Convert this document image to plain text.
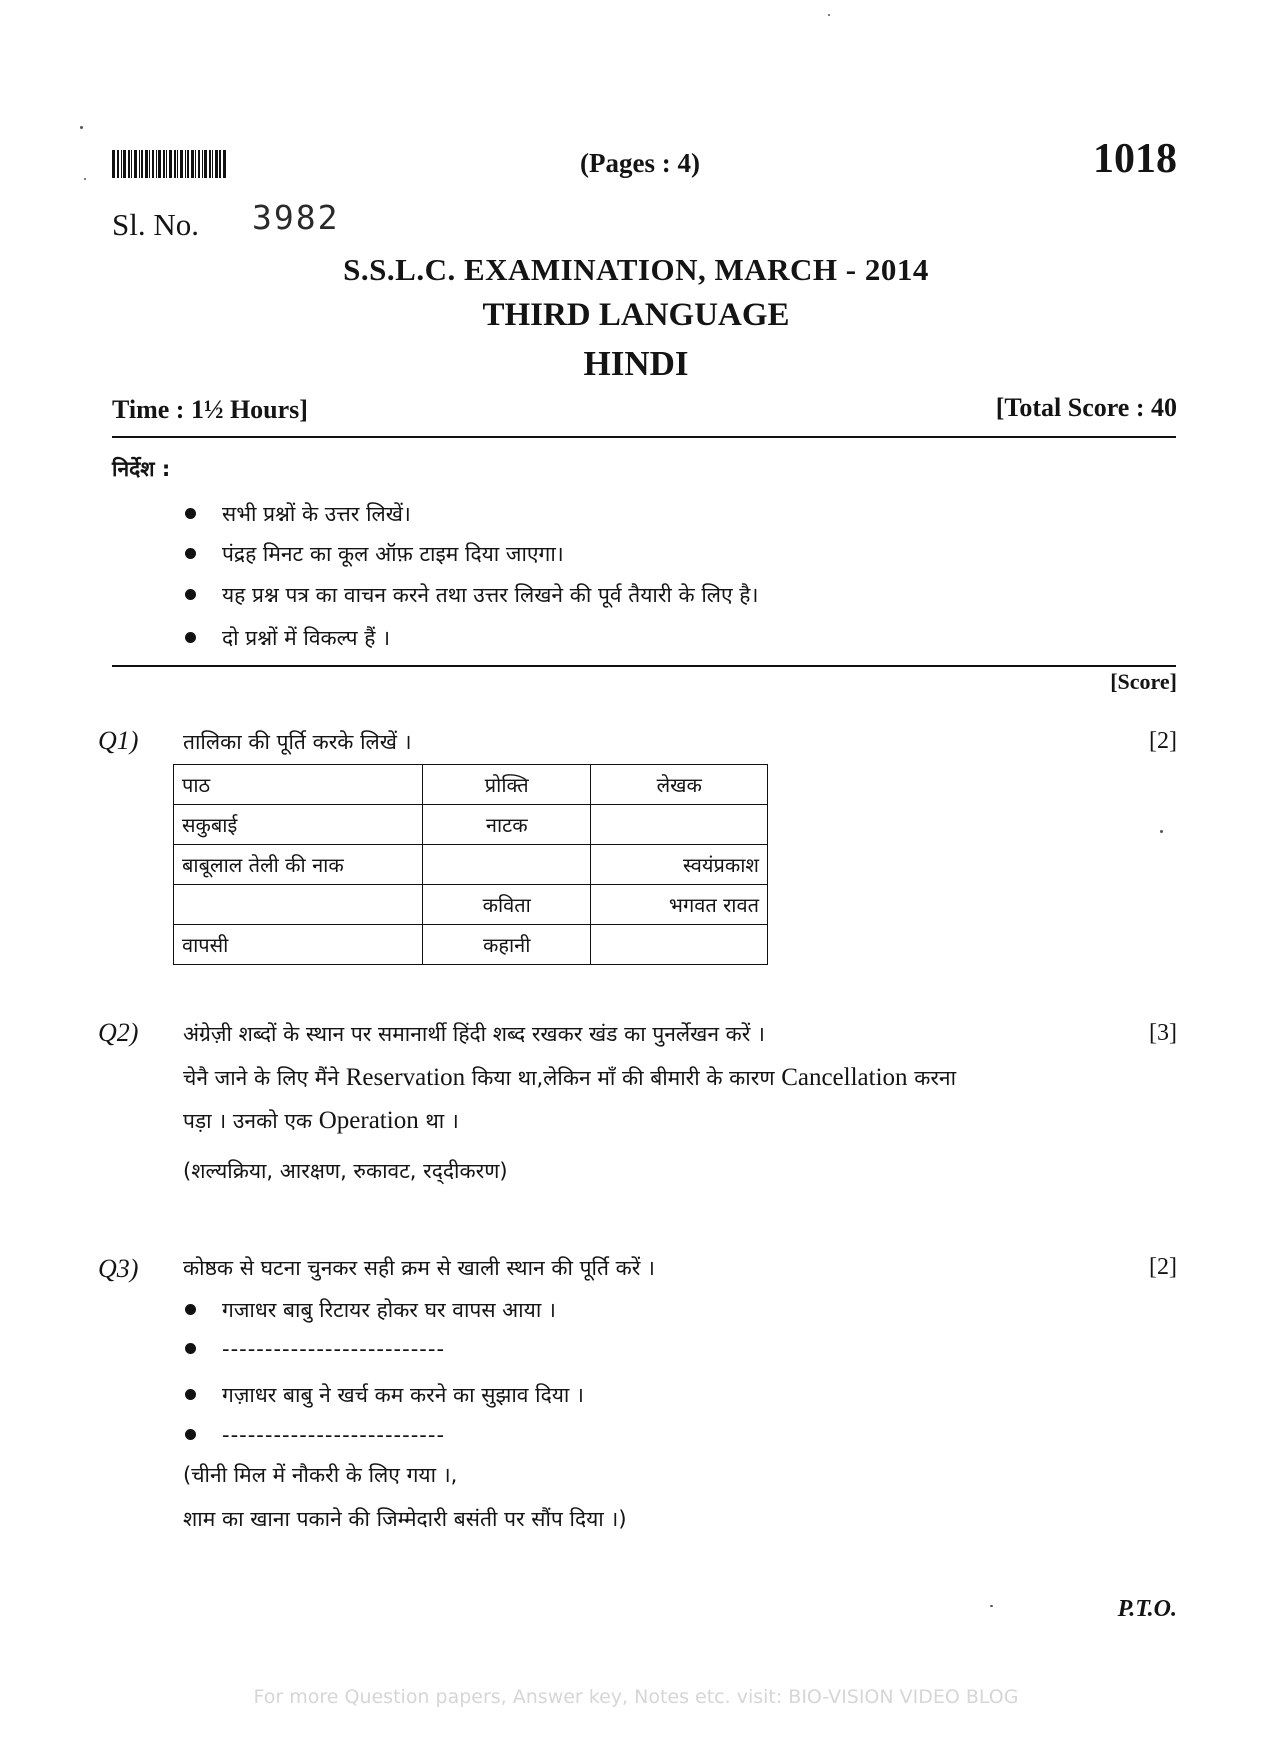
(Pages : 4)	1018
Sl. No. 3982
S.S.L.C. EXAMINATION, MARCH - 2014
THIRD LANGUAGE
HINDI
Time : 1½ Hours]	[Total Score : 40
निर्देश :
सभी प्रश्नों के उत्तर लिखें।
पंद्रह मिनट का कूल ऑफ़ टाइम दिया जाएगा।
यह प्रश्न पत्र का वाचन करने तथा उत्तर लिखने की पूर्व तैयारी के लिए है।
दो प्रश्नों में विकल्प हैं ।
[Score]
Q1) तालिका की पूर्ति करके लिखें ।	[2]
पाठ	प्रोक्ति	लेखक
सकुबाई	नाटक	
बाबूलाल तेली की नाक		स्वयंप्रकाश
	कविता	भगवत रावत
वापसी	कहानी	
Q2) अंग्रेज़ी शब्दों के स्थान पर समानार्थी हिंदी शब्द रखकर खंड का पुनर्लेखन करें ।	[3]
चेनै जाने के लिए मैंने Reservation किया था,लेकिन माँ की बीमारी के कारण Cancellation करना
पड़ा । उनको एक Operation था ।
(शल्यक्रिया, आरक्षण, रुकावट, रद्‌दीकरण)
Q3) कोष्ठक से घटना चुनकर सही क्रम से खाली स्थान की पूर्ति करें ।	[2]
गजाधर बाबु रिटायर होकर घर वापस आया ।
--------------------------
गज़ाधर बाबु ने खर्च कम करने का सुझाव दिया ।
--------------------------
(चीनी मिल में नौकरी के लिए गया ।,
शाम का खाना पकाने की जिम्मेदारी बसंती पर सौंप दिया ।)
P.T.O.
For more Question papers, Answer key, Notes etc. visit: BIO-VISION VIDEO BLOG
